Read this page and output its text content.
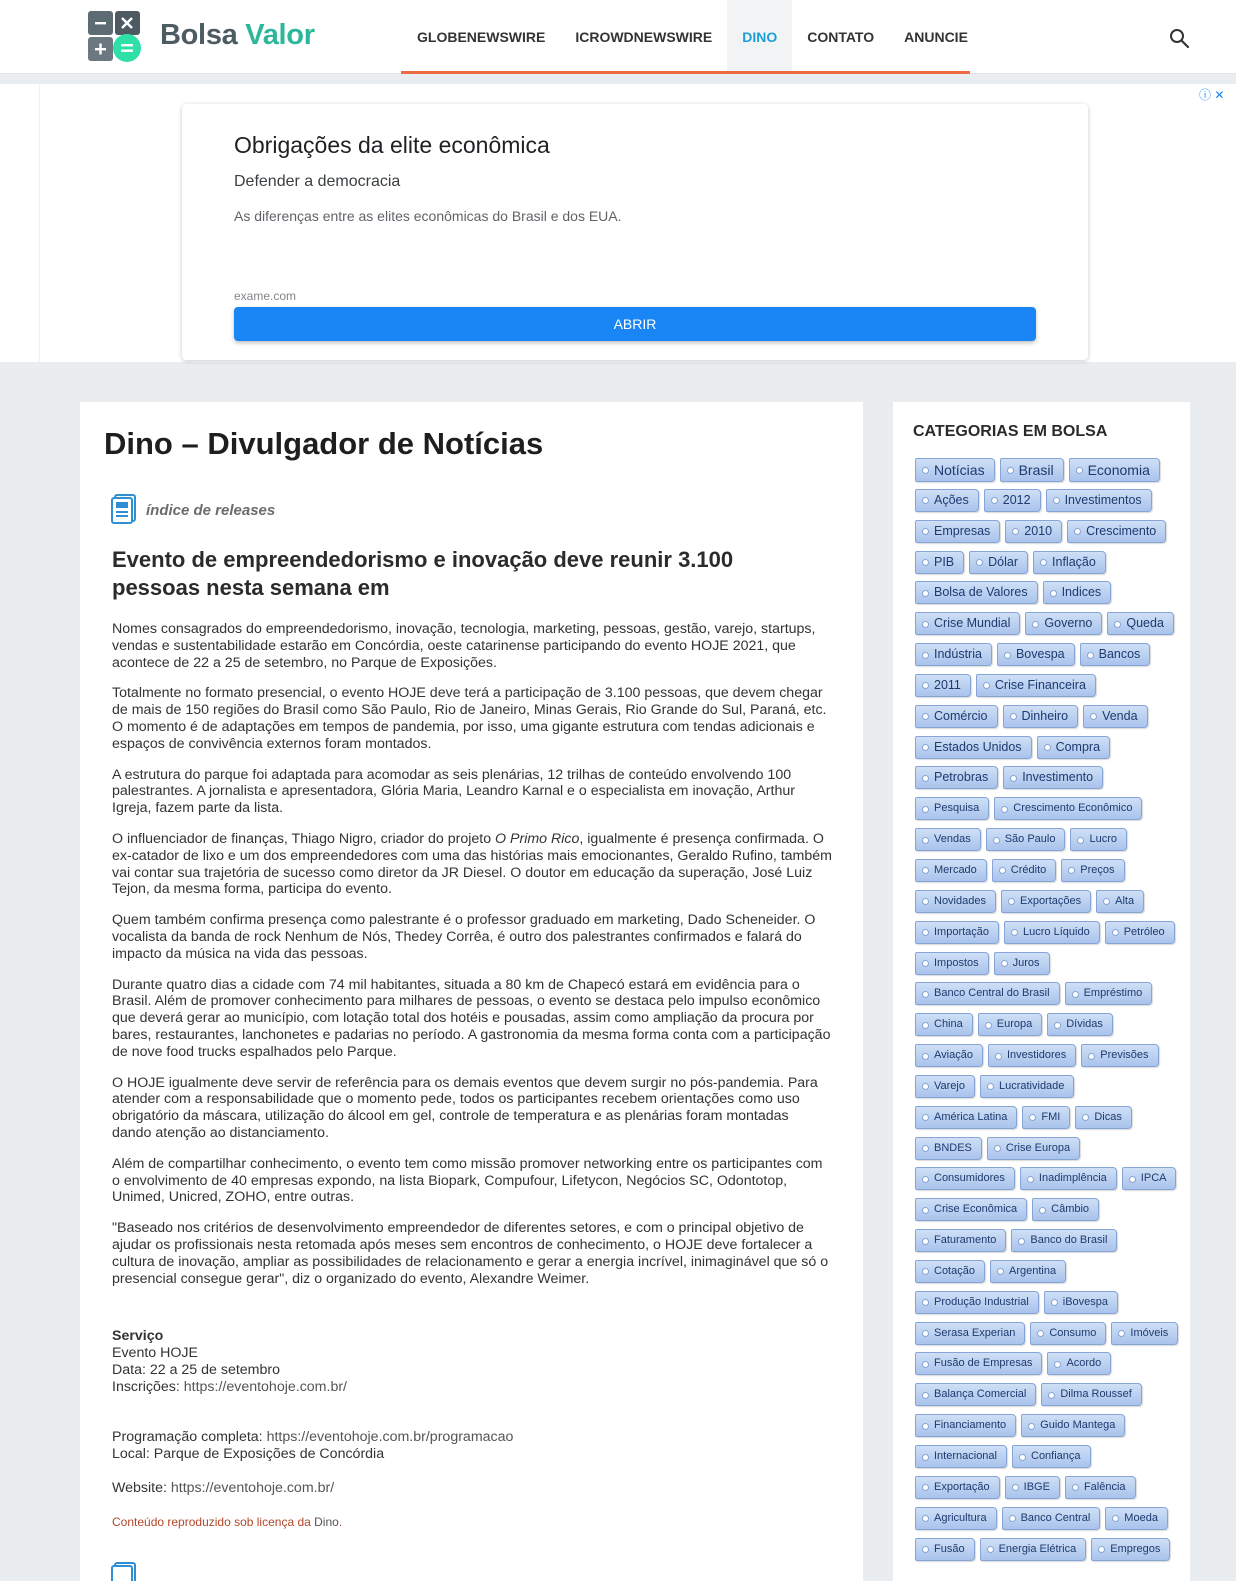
Bolsa Valor	GLOBENEWSWIRE	ICROWDNEWSWIRE	DINO	CONTATO	ANUNCIE
ⓘ ✕
Obrigações da elite econômica
Defender a democracia
As diferenças entre as elites econômicas do Brasil e dos EUA.
exame.com
ABRIR
Dino – Divulgador de Notícias
índice de releases
Evento de empreendedorismo e inovação deve reunir 3.100 pessoas nesta semana em

Nomes consagrados do empreendedorismo, inovação, tecnologia, marketing, pessoas, gestão, varejo, startups, vendas e sustentabilidade estarão em Concórdia, oeste catarinense participando do evento HOJE 2021, que acontece de 22 a 25 de setembro, no Parque de Exposições.

Totalmente no formato presencial, o evento HOJE deve terá a participação de 3.100 pessoas, que devem chegar de mais de 150 regiões do Brasil como São Paulo, Rio de Janeiro, Minas Gerais, Rio Grande do Sul, Paraná, etc. O momento é de adaptações em tempos de pandemia, por isso, uma gigante estrutura com tendas adicionais e espaços de convivência externos foram montados.

A estrutura do parque foi adaptada para acomodar as seis plenárias, 12 trilhas de conteúdo envolvendo 100 palestrantes. A jornalista e apresentadora, Glória Maria, Leandro Karnal e o especialista em inovação, Arthur Igreja, fazem parte da lista.

O influenciador de finanças, Thiago Nigro, criador do projeto O Primo Rico, igualmente é presença confirmada. O ex-catador de lixo e um dos empreendedores com uma das histórias mais emocionantes, Geraldo Rufino, também vai contar sua trajetória de sucesso como diretor da JR Diesel. O doutor em educação da superação, José Luiz Tejon, da mesma forma, participa do evento.

Quem também confirma presença como palestrante é o professor graduado em marketing, Dado Scheneider. O vocalista da banda de rock Nenhum de Nós, Thedey Corrêa, é outro dos palestrantes confirmados e falará do impacto da música na vida das pessoas.

Durante quatro dias a cidade com 74 mil habitantes, situada a 80 km de Chapecó estará em evidência para o Brasil. Além de promover conhecimento para milhares de pessoas, o evento se destaca pelo impulso econômico que deverá gerar ao município, com lotação total dos hotéis e pousadas, assim como ampliação da procura por bares, restaurantes, lanchonetes e padarias no período. A gastronomia da mesma forma conta com a participação de nove food trucks espalhados pelo Parque.

O HOJE igualmente deve servir de referência para os demais eventos que devem surgir no pós-pandemia. Para atender com a responsabilidade que o momento pede, todos os participantes recebem orientações como uso obrigatório da máscara, utilização do álcool em gel, controle de temperatura e as plenárias foram montadas dando atenção ao distanciamento.

Além de compartilhar conhecimento, o evento tem como missão promover networking entre os participantes com o envolvimento de 40 empresas expondo, na lista Biopark, Compufour, Lifetycon, Negócios SC, Odontotop, Unimed, Unicred, ZOHO, entre outras.

"Baseado nos critérios de desenvolvimento empreendedor de diferentes setores, e com o principal objetivo de ajudar os profissionais nesta retomada após meses sem encontros de conhecimento, o HOJE deve fortalecer a cultura de inovação, ampliar as possibilidades de relacionamento e gerar a energia incrível, inimaginável que só o presencial consegue gerar", diz o organizado do evento, Alexandre Weimer.

Serviço
Evento HOJE
Data: 22 a 25 de setembro
Inscrições: https://eventohoje.com.br/
Programação completa: https://eventohoje.com.br/programacao
Local: Parque de Exposições de Concórdia
Website: https://eventohoje.com.br/
Conteúdo reproduzido sob licença da Dino.
CATEGORIAS EM BOLSA
Notícias	Brasil	Economia
Ações	2012	Investimentos
Empresas	2010	Crescimento
PIB	Dólar	Inflação
Bolsa de Valores	Indices
Crise Mundial	Governo	Queda
Indústria	Bovespa	Bancos
2011	Crise Financeira
Comércio	Dinheiro	Venda
Estados Unidos	Compra
Petrobras	Investimento
Pesquisa	Crescimento Econômico
Vendas	São Paulo	Lucro
Mercado	Crédito	Preços
Novidades	Exportações	Alta
Importação	Lucro Líquido	Petróleo
Impostos	Juros
Banco Central do Brasil	Empréstimo
China	Europa	Dívidas
Aviação	Investidores	Previsões
Varejo	Lucratividade
América Latina	FMI	Dicas
BNDES	Crise Europa
Consumidores	Inadimplência	IPCA
Crise Econômica	Câmbio
Faturamento	Banco do Brasil
Cotação	Argentina
Produção Industrial	iBovespa
Serasa Experian	Consumo	Imóveis
Fusão de Empresas	Acordo
Balança Comercial	Dilma Roussef
Financiamento	Guido Mantega
Internacional	Confiança
Exportação	IBGE	Falência
Agricultura	Banco Central	Moeda
Fusão	Energia Elétrica	Empregos
